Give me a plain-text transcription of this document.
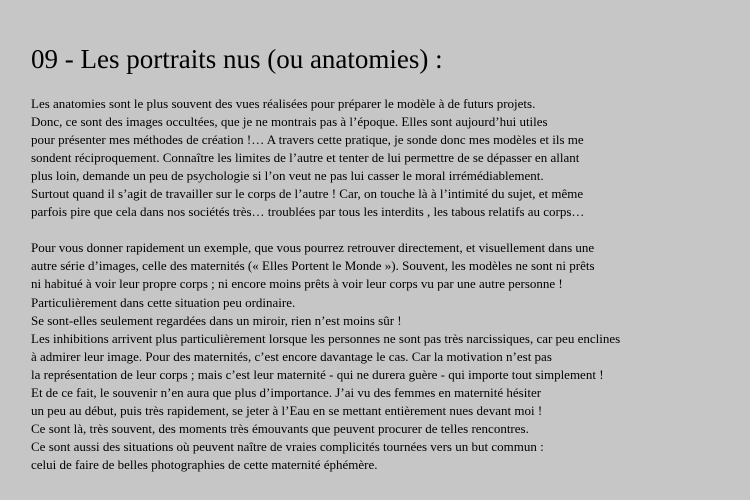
09 - Les portraits nus (ou anatomies) :
Les anatomies sont le plus souvent des vues réalisées pour préparer le modèle à de futurs projets.
Donc, ce sont des images occultées, que je ne montrais pas à l’époque. Elles sont aujourd’hui utiles
pour présenter mes méthodes de création !… A travers cette pratique, je sonde donc mes modèles et ils me
sondent réciproquement. Connaître les limites de l’autre et tenter de lui permettre de se dépasser en allant
plus loin, demande un peu de psychologie si l’on veut ne pas lui casser le moral irrémédiablement.
Surtout quand il s’agit de travailler sur le corps de l’autre ! Car, on touche là à l’intimité du sujet, et même
parfois pire que cela dans nos sociétés très… troublées par tous les interdits , les tabous relatifs au corps…
Pour vous donner rapidement un exemple, que vous pourrez retrouver directement, et visuellement dans une
autre série d’images, celle des maternités (« Elles Portent le Monde »). Souvent, les modèles ne sont ni prêts
ni habitué à voir leur propre corps ; ni encore moins prêts à voir leur corps vu par une autre personne !
Particulièrement dans cette situation peu ordinaire.
Se sont-elles seulement regardées dans un miroir, rien n’est moins sûr !
Les inhibitions arrivent plus particulièrement lorsque les personnes ne sont pas très narcissiques, car peu enclines
à admirer leur image. Pour des maternités, c’est encore davantage le cas. Car la motivation n’est pas
la représentation de leur corps ; mais c’est leur maternité - qui ne durera guère - qui importe tout simplement !
Et de ce fait, le souvenir n’en aura que plus d’importance. J’ai vu des femmes en maternité hésiter
un peu au début, puis très rapidement, se jeter à l’Eau en se mettant entièrement nues devant moi !
Ce sont là, très souvent, des moments très émouvants que peuvent procurer de telles rencontres.
Ce sont aussi des situations où peuvent naître de vraies complicités tournées vers un but commun :
celui de faire de belles photographies de cette maternité éphémère.
